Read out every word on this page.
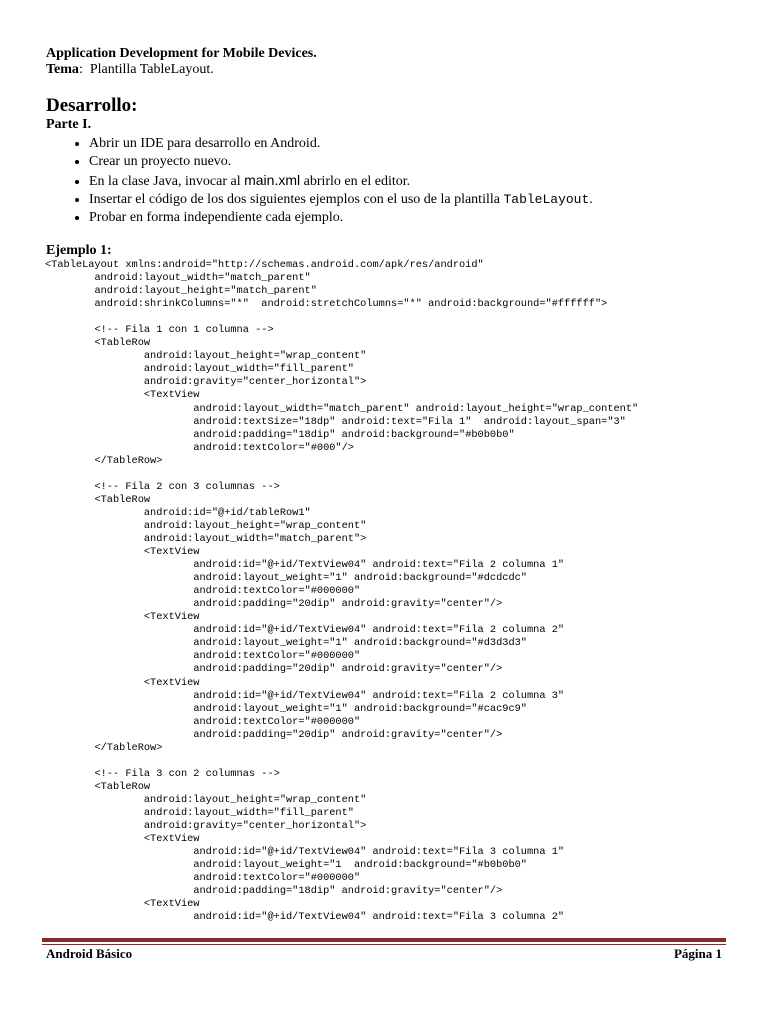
Application Development for Mobile Devices.
Tema:  Plantilla TableLayout.
Desarrollo:
Parte I.
• Abrir un IDE para desarrollo en Android.
• Crear un proyecto nuevo.
• En la clase Java, invocar al main.xml abrirlo en el editor.
• Insertar el código de los dos siguientes ejemplos con el uso de la plantilla TableLayout.
• Probar en forma independiente cada ejemplo.
Ejemplo 1:
<TableLayout xmlns:android="http://schemas.android.com/apk/res/android"
	android:layout_width="match_parent"
	android:layout_height="match_parent"
	android:shrinkColumns="*"  android:stretchColumns="*" android:background="#ffffff">

	<!-- Fila 1 con 1 columna -->
	<TableRow
		android:layout_height="wrap_content"
		android:layout_width="fill_parent"
		android:gravity="center_horizontal">
		<TextView
			android:layout_width="match_parent" android:layout_height="wrap_content"
			android:textSize="18dp" android:text="Fila 1"  android:layout_span="3"
			android:padding="18dip" android:background="#b0b0b0"
			android:textColor="#000"/>
	</TableRow>

	<!-- Fila 2 con 3 columnas -->
	<TableRow
		android:id="@+id/tableRow1"
		android:layout_height="wrap_content"
		android:layout_width="match_parent">
		<TextView
			android:id="@+id/TextView04" android:text="Fila 2 columna 1"
			android:layout_weight="1" android:background="#dcdcdc"
			android:textColor="#000000"
			android:padding="20dip" android:gravity="center"/>
		<TextView
			android:id="@+id/TextView04" android:text="Fila 2 columna 2"
			android:layout_weight="1" android:background="#d3d3d3"
			android:textColor="#000000"
			android:padding="20dip" android:gravity="center"/>
		<TextView
			android:id="@+id/TextView04" android:text="Fila 2 columna 3"
			android:layout_weight="1" android:background="#cac9c9"
			android:textColor="#000000"
			android:padding="20dip" android:gravity="center"/>
	</TableRow>

	<!-- Fila 3 con 2 columnas -->
	<TableRow
		android:layout_height="wrap_content"
		android:layout_width="fill_parent"
		android:gravity="center_horizontal">
		<TextView
			android:id="@+id/TextView04" android:text="Fila 3 columna 1"
			android:layout_weight="1  android:background="#b0b0b0"
			android:textColor="#000000"
			android:padding="18dip" android:gravity="center"/>
		<TextView
			android:id="@+id/TextView04" android:text="Fila 3 columna 2"
Android Básico	Página 1
